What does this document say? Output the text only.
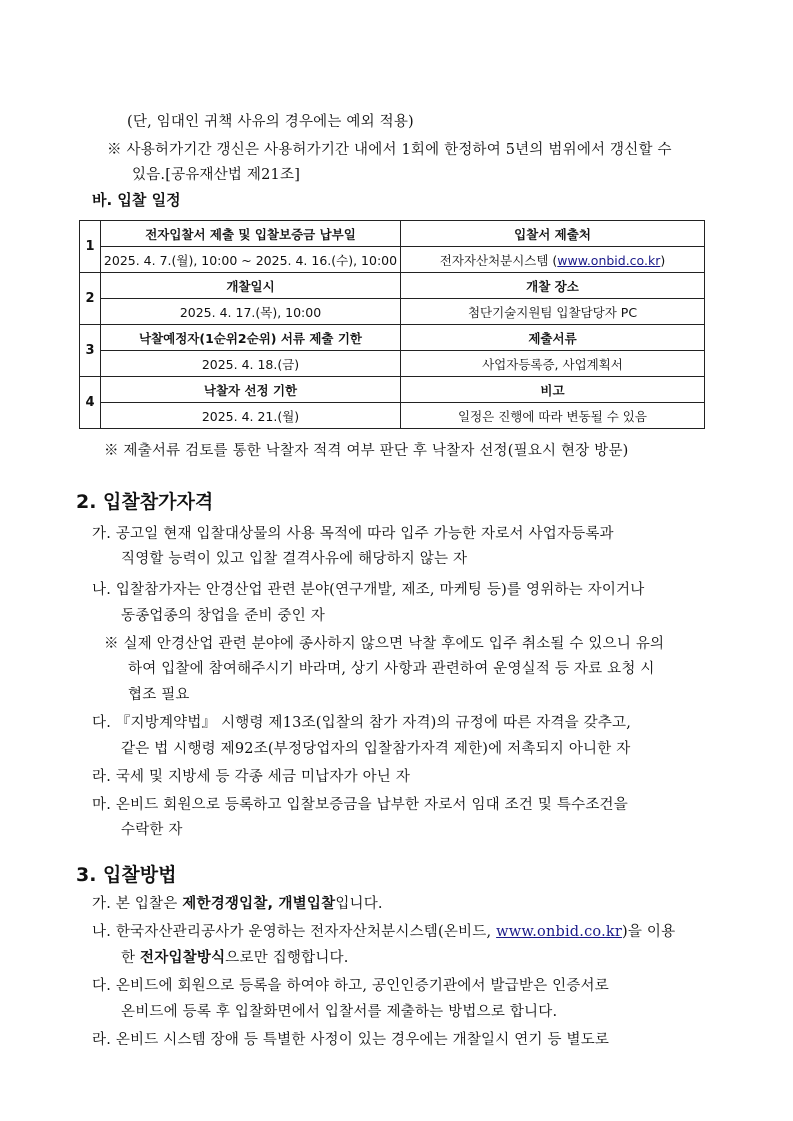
(단, 임대인 귀책 사유의 경우에는 예외 적용)
※ 사용허가기간 갱신은 사용허가기간 내에서 1회에 한정하여 5년의 범위에서 갱신할 수
있음.[공유재산법 제21조]
바. 입찰 일정
1	전자입찰서 제출 및 입찰보증금 납부일	입찰서 제출처
	2025. 4. 7.(월), 10:00 ~ 2025. 4. 16.(수), 10:00	전자자산처분시스템 (www.onbid.co.kr)
2	개찰일시	개찰 장소
	2025. 4. 17.(목), 10:00	첨단기술지원팀 입찰담당자 PC
3	낙찰예정자(1순위2순위) 서류 제출 기한	제출서류
	2025. 4. 18.(금)	사업자등록증, 사업계획서
4	낙찰자 선정 기한	비고
	2025. 4. 21.(월)	일정은 진행에 따라 변동될 수 있음
※ 제출서류 검토를 통한 낙찰자 적격 여부 판단 후 낙찰자 선정(필요시 현장 방문)
2. 입찰참가자격
가. 공고일 현재 입찰대상물의 사용 목적에 따라 입주 가능한 자로서 사업자등록과
직영할 능력이 있고 입찰 결격사유에 해당하지 않는 자
나. 입찰참가자는 안경산업 관련 분야(연구개발, 제조, 마케팅 등)를 영위하는 자이거나
동종업종의 창업을 준비 중인 자
※ 실제 안경산업 관련 분야에 종사하지 않으면 낙찰 후에도 입주 취소될 수 있으니 유의
하여 입찰에 참여해주시기 바라며, 상기 사항과 관련하여 운영실적 등 자료 요청 시
협조 필요
다. 『지방계약법』 시행령 제13조(입찰의 참가 자격)의 규정에 따른 자격을 갖추고,
같은 법 시행령 제92조(부정당업자의 입찰참가자격 제한)에 저촉되지 아니한 자
라. 국세 및 지방세 등 각종 세금 미납자가 아닌 자
마. 온비드 회원으로 등록하고 입찰보증금을 납부한 자로서 임대 조건 및 특수조건을
수락한 자
3. 입찰방법
가. 본 입찰은 제한경쟁입찰, 개별입찰입니다.
나. 한국자산관리공사가 운영하는 전자자산처분시스템(온비드, www.onbid.co.kr)을 이용
한 전자입찰방식으로만 집행합니다.
다. 온비드에 회원으로 등록을 하여야 하고, 공인인증기관에서 발급받은 인증서로
온비드에 등록 후 입찰화면에서 입찰서를 제출하는 방법으로 합니다.
라. 온비드 시스템 장애 등 특별한 사정이 있는 경우에는 개찰일시 연기 등 별도로
